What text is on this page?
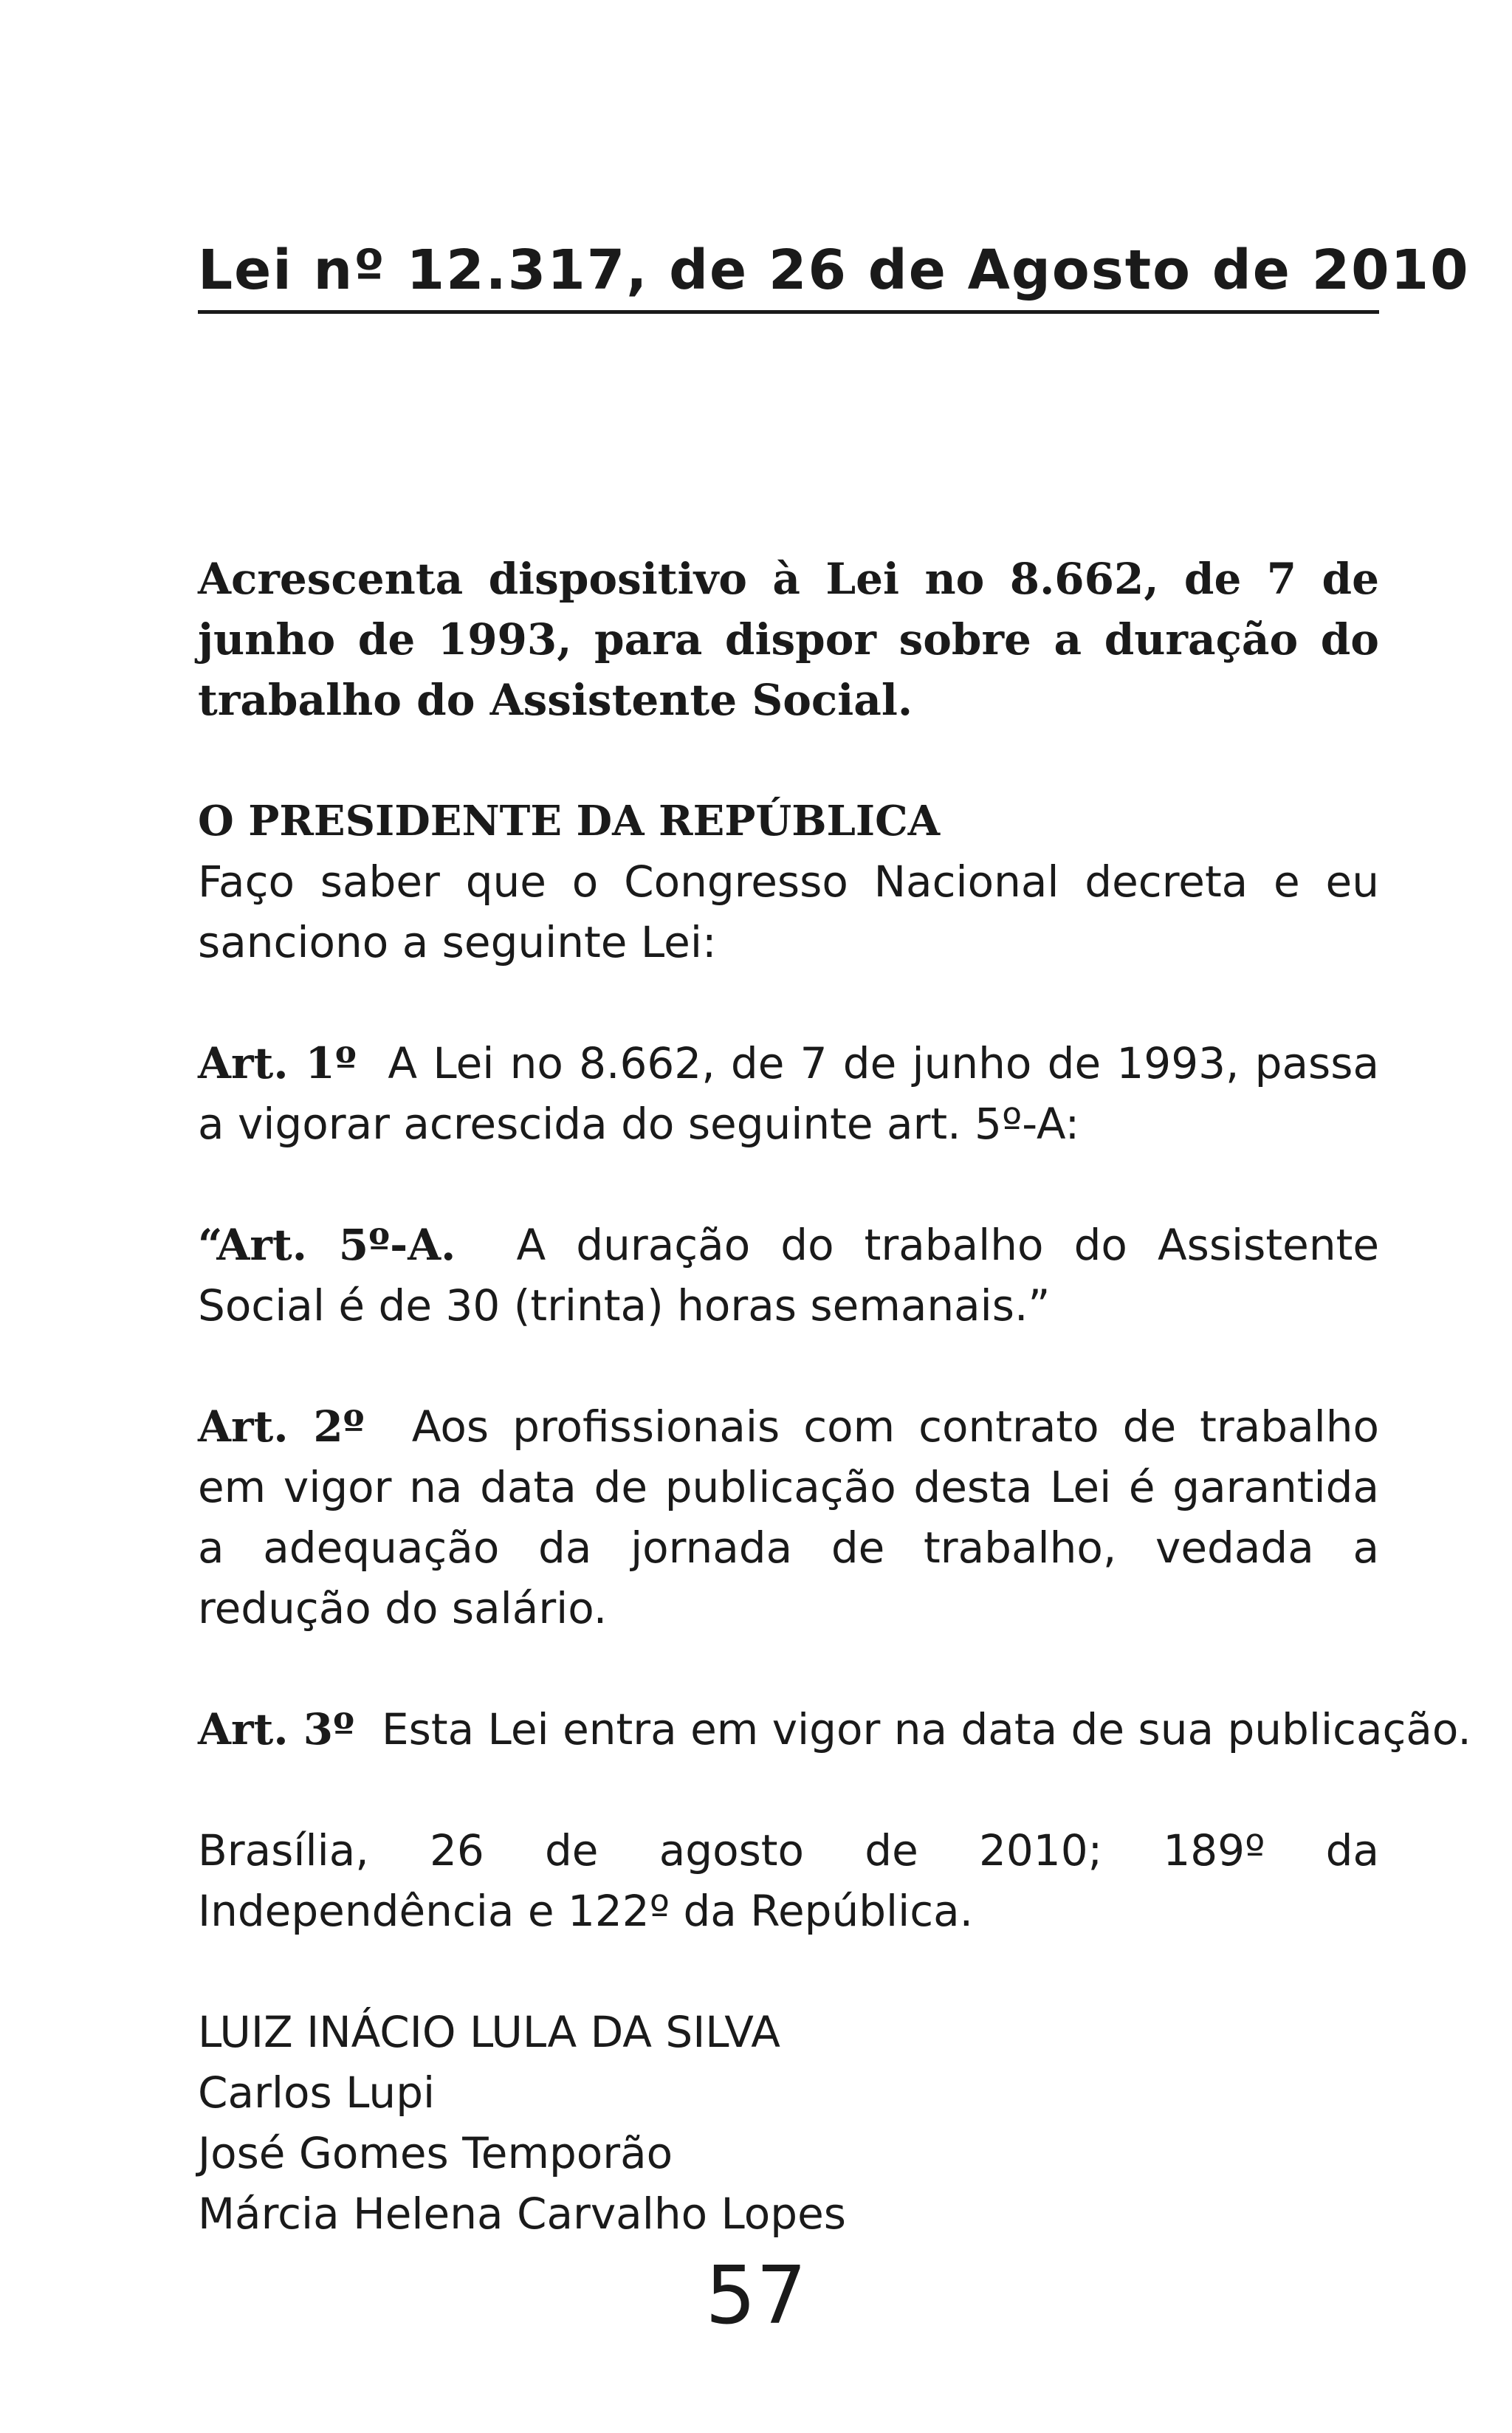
Lei nº 12.317, de 26 de Agosto de 2010

Acrescenta dispositivo à Lei no 8.662, de 7 de junho de 1993, para dispor sobre a duração do trabalho do Assistente Social.

O PRESIDENTE DA REPÚBLICA

Faço saber que o Congresso Nacional decreta e eu sanciono a seguinte Lei:

Art. 1º A Lei no 8.662, de 7 de junho de 1993, passa a vigorar acrescida do seguinte art. 5º-A:

“Art. 5º-A. A duração do trabalho do Assistente Social é de 30 (trinta) horas semanais.”

Art. 2º Aos profissionais com contrato de trabalho em vigor na data de publicação desta Lei é garantida a adequação da jornada de trabalho, vedada a redução do salário.

Art. 3º Esta Lei entra em vigor na data de sua publicação.

Brasília, 26 de agosto de 2010; 189º da Independência e 122º da República.

LUIZ INÁCIO LULA DA SILVA

Carlos Lupi

José Gomes Temporão

Márcia Helena Carvalho Lopes

57
